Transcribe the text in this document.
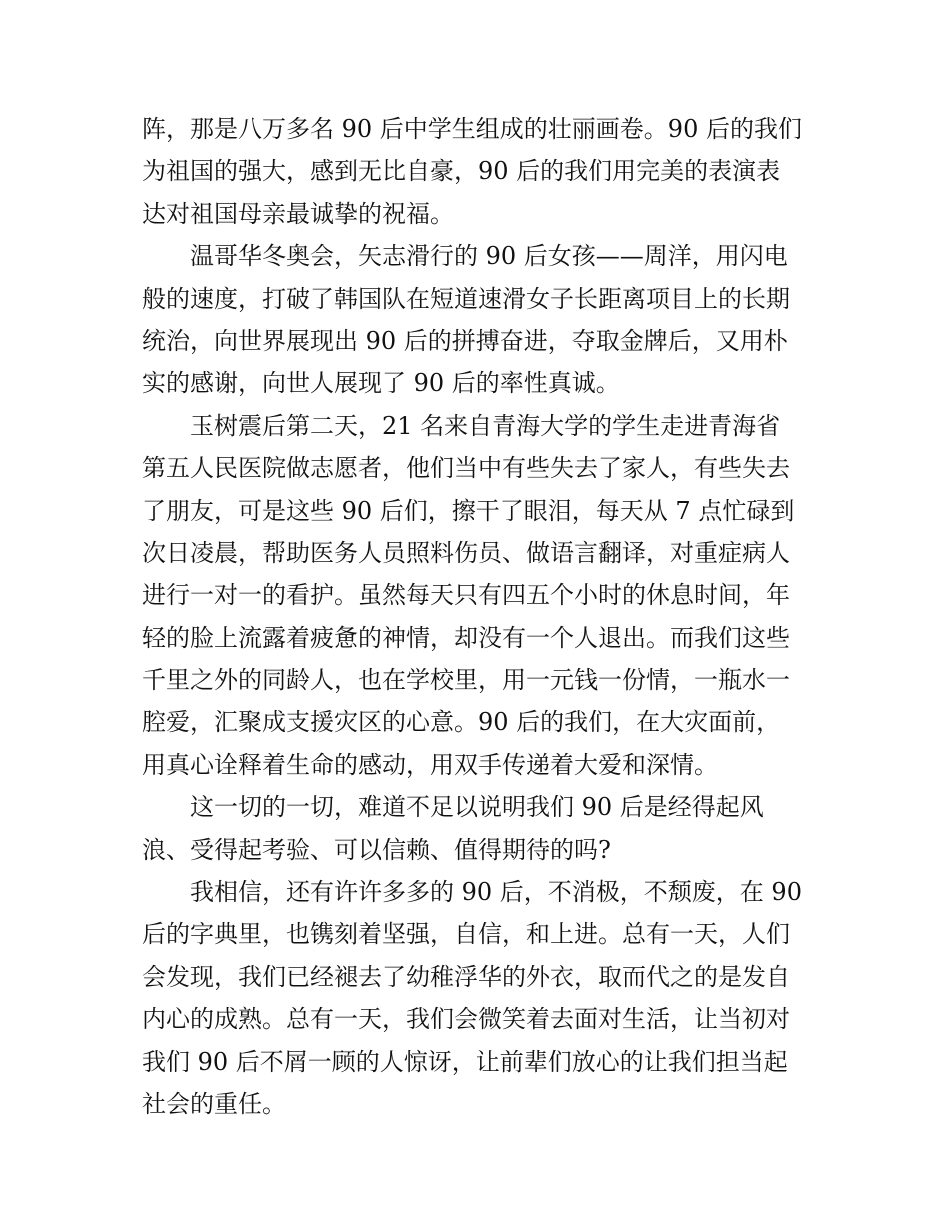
阵，那是八万多名 90 后中学生组成的壮丽画卷。90 后的我们
为祖国的强大，感到无比自豪，90 后的我们用完美的表演表
达对祖国母亲最诚挚的祝福。
温哥华冬奥会，矢志滑行的 90 后女孩——周洋，用闪电
般的速度，打破了韩国队在短道速滑女子长距离项目上的长期
统治，向世界展现出 90 后的拼搏奋进，夺取金牌后，又用朴
实的感谢，向世人展现了 90 后的率性真诚。
玉树震后第二天，21 名来自青海大学的学生走进青海省
第五人民医院做志愿者，他们当中有些失去了家人，有些失去
了朋友，可是这些 90 后们，擦干了眼泪，每天从 7 点忙碌到
次日凌晨，帮助医务人员照料伤员、做语言翻译，对重症病人
进行一对一的看护。虽然每天只有四五个小时的休息时间，年
轻的脸上流露着疲惫的神情，却没有一个人退出。而我们这些
千里之外的同龄人，也在学校里，用一元钱一份情，一瓶水一
腔爱，汇聚成支援灾区的心意。90 后的我们，在大灾面前，
用真心诠释着生命的感动，用双手传递着大爱和深情。
这一切的一切，难道不足以说明我们 90 后是经得起风
浪、受得起考验、可以信赖、值得期待的吗?
我相信，还有许许多多的 90 后，不消极，不颓废，在 90
后的字典里，也镌刻着坚强，自信，和上进。总有一天，人们
会发现，我们已经褪去了幼稚浮华的外衣，取而代之的是发自
内心的成熟。总有一天，我们会微笑着去面对生活，让当初对
我们 90 后不屑一顾的人惊讶，让前辈们放心的让我们担当起
社会的重任。
